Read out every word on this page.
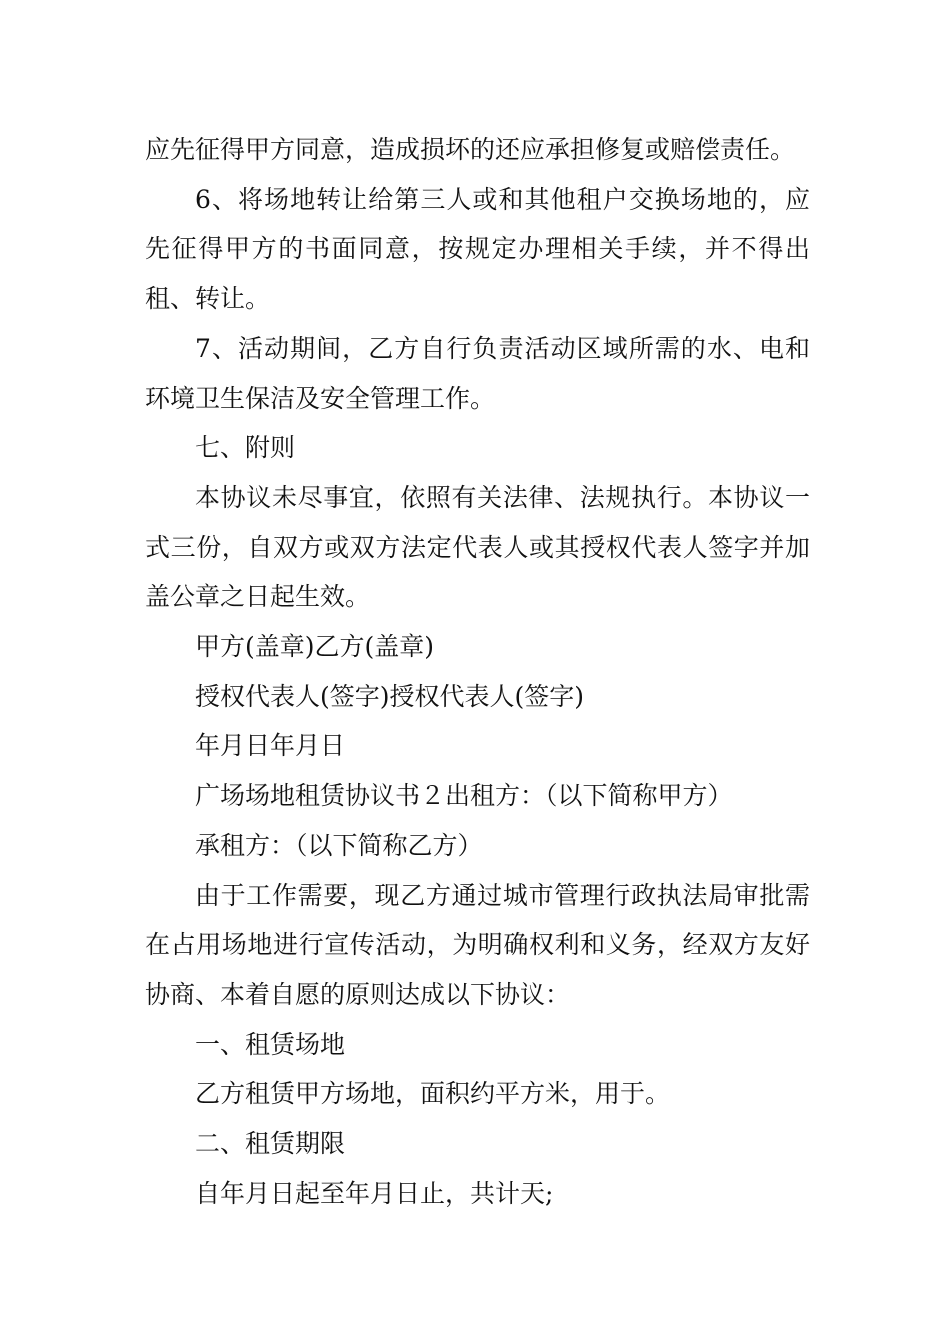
应先征得甲方同意，造成损坏的还应承担修复或赔偿责任。

6、将场地转让给第三人或和其他租户交换场地的，应先征得甲方的书面同意，按规定办理相关手续，并不得出租、转让。

7、活动期间，乙方自行负责活动区域所需的水、电和环境卫生保洁及安全管理工作。

七、附则

本协议未尽事宜，依照有关法律、法规执行。本协议一式三份，自双方或双方法定代表人或其授权代表人签字并加盖公章之日起生效。

甲方(盖章)乙方(盖章)

授权代表人(签字)授权代表人(签字)

年月日年月日

广场场地租赁协议书２出租方：（以下简称甲方）

承租方：（以下简称乙方）

由于工作需要，现乙方通过城市管理行政执法局审批需在占用场地进行宣传活动，为明确权利和义务，经双方友好协商、本着自愿的原则达成以下协议：

一、租赁场地

乙方租赁甲方场地，面积约平方米，用于。

二、租赁期限

自年月日起至年月日止，共计天;
